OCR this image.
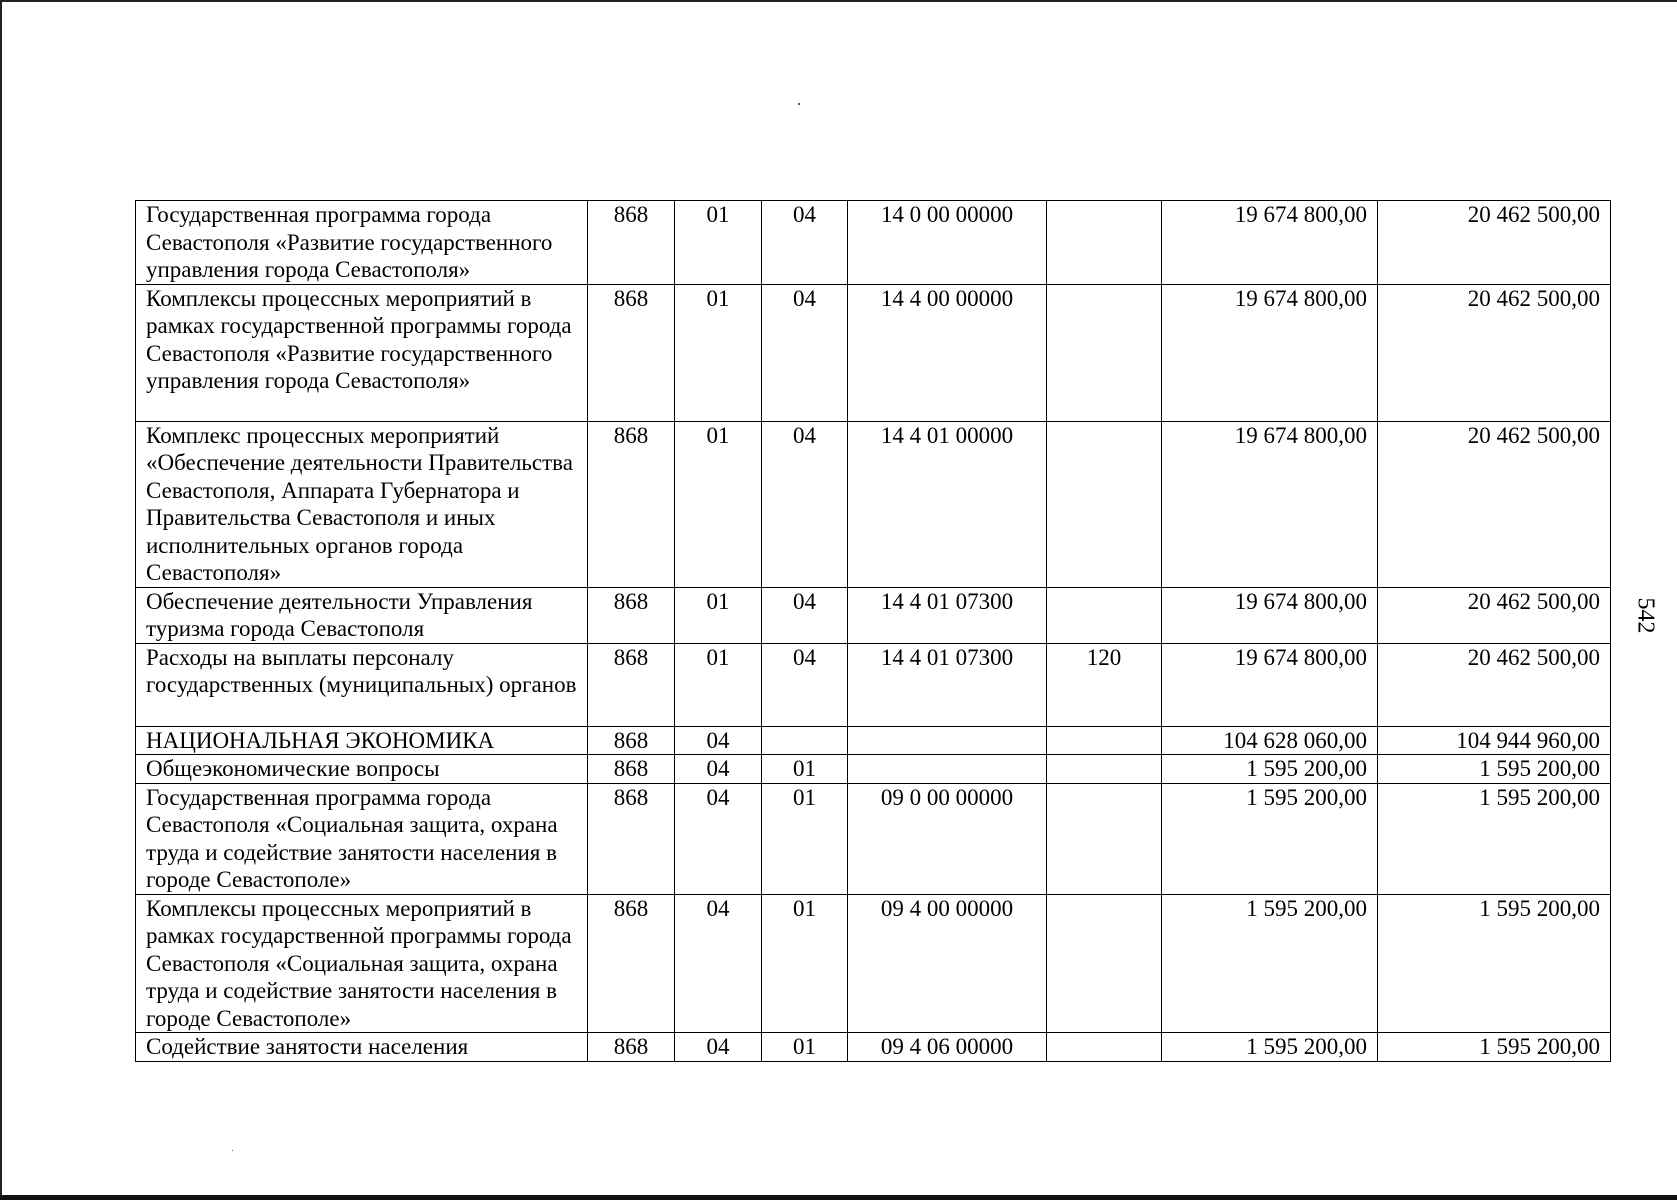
Государственная программа города Севастополя «Развитие государственного управления города Севастополя»	868	01	04	14 0 00 00000		19 674 800,00	20 462 500,00
Комплексы процессных мероприятий в рамках государственной программы города Севастополя «Развитие государственного управления города Севастополя»	868	01	04	14 4 00 00000		19 674 800,00	20 462 500,00
Комплекс процессных мероприятий «Обеспечение деятельности Правительства Севастополя, Аппарата Губернатора и Правительства Севастополя и иных исполнительных органов города Севастополя»	868	01	04	14 4 01 00000		19 674 800,00	20 462 500,00
Обеспечение деятельности Управления туризма города Севастополя	868	01	04	14 4 01 07300		19 674 800,00	20 462 500,00
Расходы на выплаты персоналу государственных (муниципальных) органов	868	01	04	14 4 01 07300	120	19 674 800,00	20 462 500,00
НАЦИОНАЛЬНАЯ ЭКОНОМИКА	868	04				104 628 060,00	104 944 960,00
Общеэкономические вопросы	868	04	01			1 595 200,00	1 595 200,00
Государственная программа города Севастополя «Социальная защита, охрана труда и содействие занятости населения в городе Севастополе»	868	04	01	09 0 00 00000		1 595 200,00	1 595 200,00
Комплексы процессных мероприятий в рамках государственной программы города Севастополя «Социальная защита, охрана труда и содействие занятости населения в городе Севастополе»	868	04	01	09 4 00 00000		1 595 200,00	1 595 200,00
Содействие занятости населения	868	04	01	09 4 06 00000		1 595 200,00	1 595 200,00
542
